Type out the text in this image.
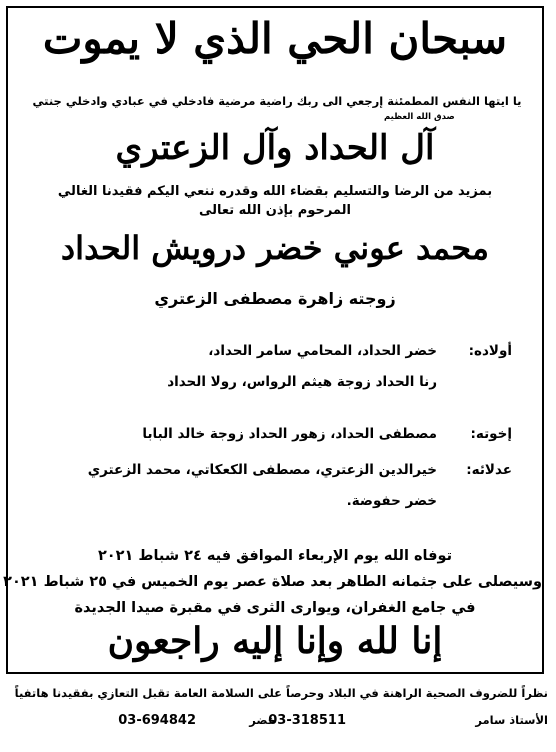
سبحان الحي الذي لا يموت
يا ايتها النفس المطمئنة إرجعي الى ربك راضية مرضية فادخلي في عبادي وادخلي جنتي
صدق الله العظيم
آل الحداد وآل الزعتري
بمزيد من الرضا والتسليم بقضاء الله وقدره ننعي اليكم فقيدنا الغالي
المرحوم بإذن الله تعالى
محمد عوني خضر درويش الحداد
زوجته زاهرة مصطفى الزعتري
أولاده:
خضر الحداد، المحامي سامر الحداد،
رنا الحداد زوجة هيثم الرواس، رولا الحداد
إخوته:
مصطفى الحداد، زهور الحداد زوجة خالد البابا
عدلائه:
خيرالدين الزعتري، مصطفى الكعكاتي، محمد الزعتري
خضر حفوضة.
توفاه الله يوم الإربعاء الموافق فيه ٢٤ شباط ٢٠٢١
وسيصلى على جثمانه الطاهر بعد صلاة عصر يوم الخميس في ٢٥ شباط ٢٠٢١
في جامع الغفران، ويوارى الثرى في مقبرة صيدا الجديدة
إنا لله وإنا إليه راجعون
نظراً للضروف الصحية الراهنة في البلاد وحرصاً على السلامة العامة تقبل التعازي بفقيدنا هاتفياً
الأستاذ سامر
03-318511
خضر
03-694842
